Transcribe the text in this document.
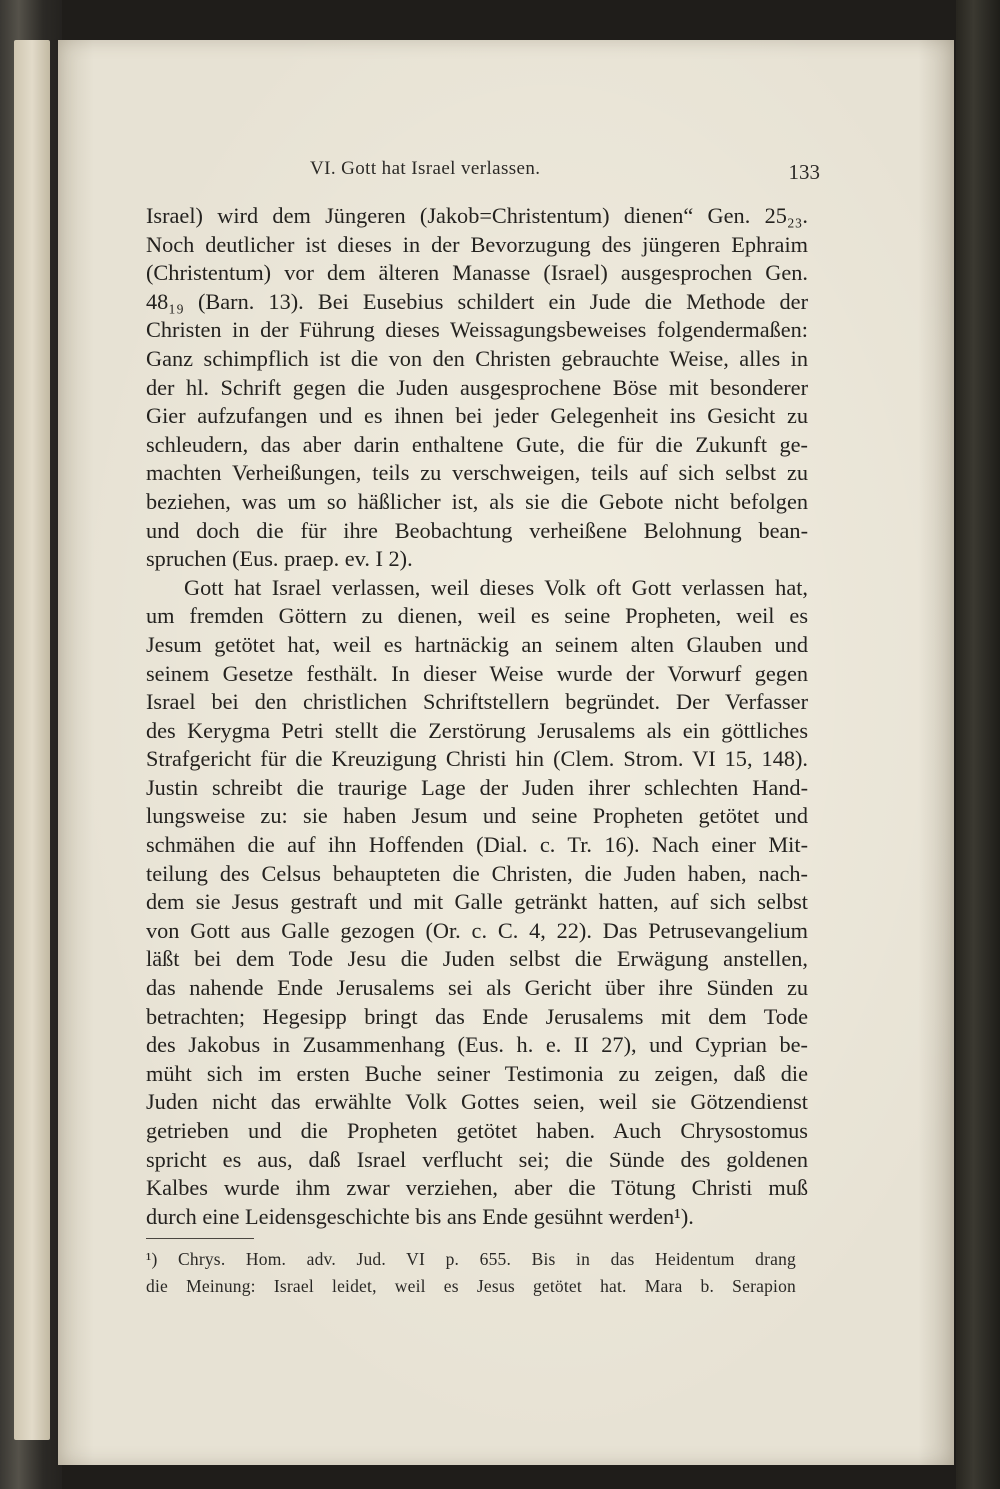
VI. Gott hat Israel verlassen.	133
Israel) wird dem Jüngeren (Jakob=Christentum) dienen“ Gen. 25₂₃.
Noch deutlicher ist dieses in der Bevorzugung des jüngeren Ephraim
(Christentum) vor dem älteren Manasse (Israel) ausgesprochen Gen.
48₁₉ (Barn. 13). Bei Eusebius schildert ein Jude die Methode der
Christen in der Führung dieses Weissagungsbeweises folgendermaßen:
Ganz schimpflich ist die von den Christen gebrauchte Weise, alles in
der hl. Schrift gegen die Juden ausgesprochene Böse mit besonderer
Gier aufzufangen und es ihnen bei jeder Gelegenheit ins Gesicht zu
schleudern, das aber darin enthaltene Gute, die für die Zukunft ge-
machten Verheißungen, teils zu verschweigen, teils auf sich selbst zu
beziehen, was um so häßlicher ist, als sie die Gebote nicht befolgen
und doch die für ihre Beobachtung verheißene Belohnung bean-
spruchen (Eus. praep. ev. I 2).
Gott hat Israel verlassen, weil dieses Volk oft Gott verlassen hat,
um fremden Göttern zu dienen, weil es seine Propheten, weil es
Jesum getötet hat, weil es hartnäckig an seinem alten Glauben und
seinem Gesetze festhält. In dieser Weise wurde der Vorwurf gegen
Israel bei den christlichen Schriftstellern begründet. Der Verfasser
des Kerygma Petri stellt die Zerstörung Jerusalems als ein göttliches
Strafgericht für die Kreuzigung Christi hin (Clem. Strom. VI 15, 148).
Justin schreibt die traurige Lage der Juden ihrer schlechten Hand-
lungsweise zu: sie haben Jesum und seine Propheten getötet und
schmähen die auf ihn Hoffenden (Dial. c. Tr. 16). Nach einer Mit-
teilung des Celsus behaupteten die Christen, die Juden haben, nach-
dem sie Jesus gestraft und mit Galle getränkt hatten, auf sich selbst
von Gott aus Galle gezogen (Or. c. C. 4, 22). Das Petrusevangelium
läßt bei dem Tode Jesu die Juden selbst die Erwägung anstellen,
das nahende Ende Jerusalems sei als Gericht über ihre Sünden zu
betrachten; Hegesipp bringt das Ende Jerusalems mit dem Tode
des Jakobus in Zusammenhang (Eus. h. e. II 27), und Cyprian be-
müht sich im ersten Buche seiner Testimonia zu zeigen, daß die
Juden nicht das erwählte Volk Gottes seien, weil sie Götzendienst
getrieben und die Propheten getötet haben. Auch Chrysostomus
spricht es aus, daß Israel verflucht sei; die Sünde des goldenen
Kalbes wurde ihm zwar verziehen, aber die Tötung Christi muß
durch eine Leidensgeschichte bis ans Ende gesühnt werden¹).
¹) Chrys. Hom. adv. Jud. VI p. 655. Bis in das Heidentum drang
die Meinung: Israel leidet, weil es Jesus getötet hat. Mara b. Serapion
